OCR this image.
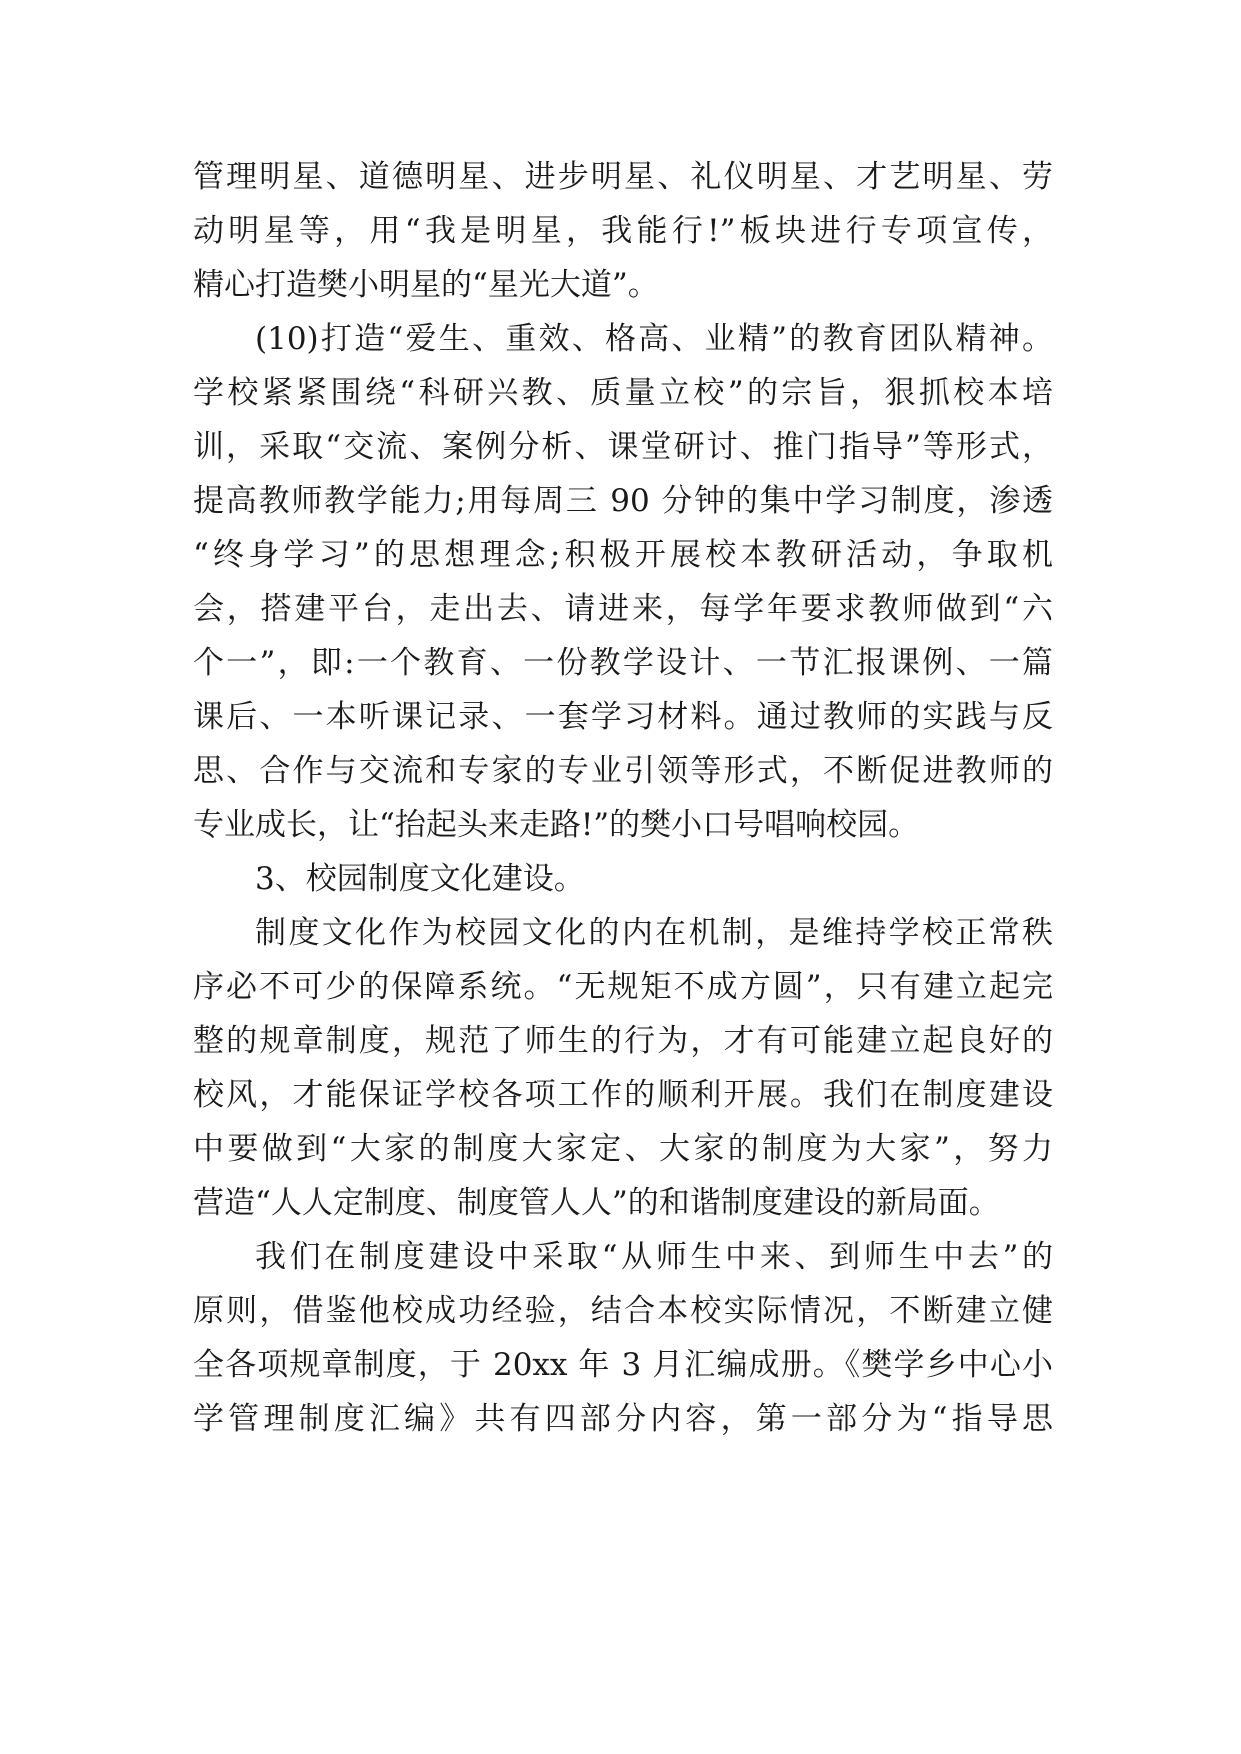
管理明星、道德明星、进步明星、礼仪明星、才艺明星、劳
动明星等，用“我是明星，我能行!”板块进行专项宣传，
精心打造樊小明星的“星光大道”。
(10)打造“爱生、重效、格高、业精”的教育团队精神。
学校紧紧围绕“科研兴教、质量立校”的宗旨，狠抓校本培
训，采取“交流、案例分析、课堂研讨、推门指导”等形式，
提高教师教学能力;用每周三 90 分钟的集中学习制度，渗透
“终身学习”的思想理念;积极开展校本教研活动，争取机
会，搭建平台，走出去、请进来，每学年要求教师做到“六
个一”，即:一个教育、一份教学设计、一节汇报课例、一篇
课后、一本听课记录、一套学习材料。通过教师的实践与反
思、合作与交流和专家的专业引领等形式，不断促进教师的
专业成长，让“抬起头来走路!”的樊小口号唱响校园。
3、校园制度文化建设。
制度文化作为校园文化的内在机制，是维持学校正常秩
序必不可少的保障系统。“无规矩不成方圆”，只有建立起完
整的规章制度，规范了师生的行为，才有可能建立起良好的
校风，才能保证学校各项工作的顺利开展。我们在制度建设
中要做到“大家的制度大家定、大家的制度为大家”，努力
营造“人人定制度、制度管人人”的和谐制度建设的新局面。
我们在制度建设中采取“从师生中来、到师生中去”的
原则，借鉴他校成功经验，结合本校实际情况，不断建立健
全各项规章制度，于 20xx 年 3 月汇编成册。《樊学乡中心小
学管理制度汇编》共有四部分内容，第一部分为“指导思
